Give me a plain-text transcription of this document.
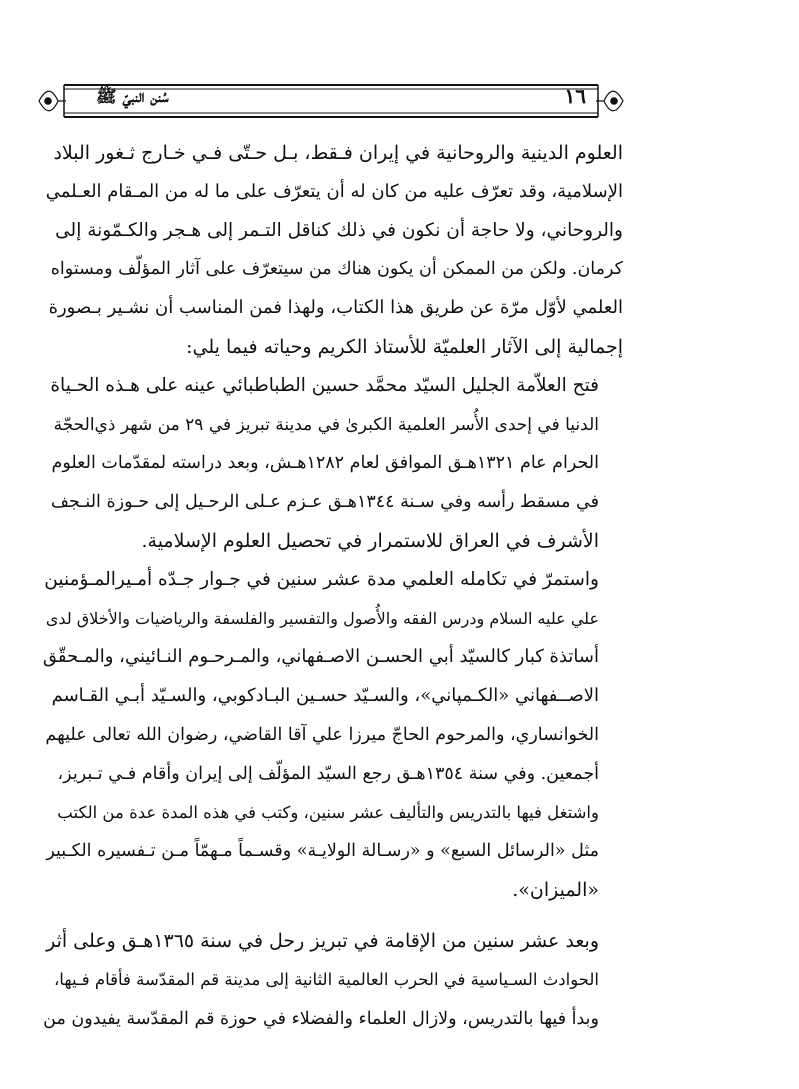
سُنن النبيّ ﷺ	١٦

العلوم الدينية والروحانية في إيران فـقط، بـل حـتّى فـي خـارج ثـغور البلاد
الإسلامية، وقد تعرّف عليه من كان له أن يتعرّف على ما له من المـقام العـلمي
والروحاني، ولا حاجة أن نكون في ذلك كناقل التـمر إلى هـجر والكـمّونة إلى
كرمان. ولكن من الممكن أن يكون هناك من سيتعرّف على آثار المؤلّف ومستواه
العلمي لأوّل مرّة عن طريق هذا الكتاب، ولهذا فمن المناسب أن نشـير بـصورة
إجمالية إلى الآثار العلميّة للأستاذ الكريم وحياته فيما يلي:

فتح العلاّمة الجليل السيّد محمَّد حسين الطباطبائي عينه على هـذه الحـياة
الدنيا في إحدى الأُسر العلمية الكبرىٰ في مدينة تبريز في ٢٩ من شهر ذي‌الحجّة
الحرام عام ١٣٢١هـ‍ق الموافق لعام ١٢٨٢هـ‍ش، وبعد دراسته لمقدّمات العلوم
في مسقط رأسه وفي سـنة ١٣٤٤هـ‍ق عـزم عـلى الرحـيل إلى حـوزة النـجف
الأشرف في العراق للاستمرار في تحصيل العلوم الإسلامية.

واستمرّ في تكامله العلمي مدة عشر سنين في جـوار جـدّه أمـيرالمـؤمنين
علي عليه السلام ودرس الفقه والأُصول والتفسير والفلسفة والرياضيات والأخلاق لدى
أساتذة كبار كالسيّد أبي الحسـن الاصـفهاني، والمـرحـوم النـائيني، والمـحقّق
الاصــفهاني «الكـمپاني»، والسـيّد حسـين البـادكوبي، والسـيّد أبـي القـاسم
الخوانساري، والمرحوم الحاجّ ميرزا علي آقا القاضي، رضوان الله تعالى عليهم
أجمعين. وفي سنة ١٣٥٤هـ‍ق رجع السيّد المؤلّف إلى إيران وأقام فـي تـبريز،
واشتغل فيها بالتدريس والتأليف عشر سنين، وكتب في هذه المدة عدة من الكتب
مثل «الرسائل السبع» و «رسـالة الولايـة» وقسـماً مـهمّاً مـن تـفسيره الكـبير
«الميزان».

وبعد عشر سنين من الإقامة في تبريز رحل في سنة ١٣٦٥هـ‍ق وعلى أثر
الحوادث السـياسية في الحرب العالمية الثانية إلى مدينة قم المقدّسة فأقام فـيها،
وبدأ فيها بالتدريس، ولازال العلماء والفضلاء في حوزة قم المقدّسة يفيدون من
